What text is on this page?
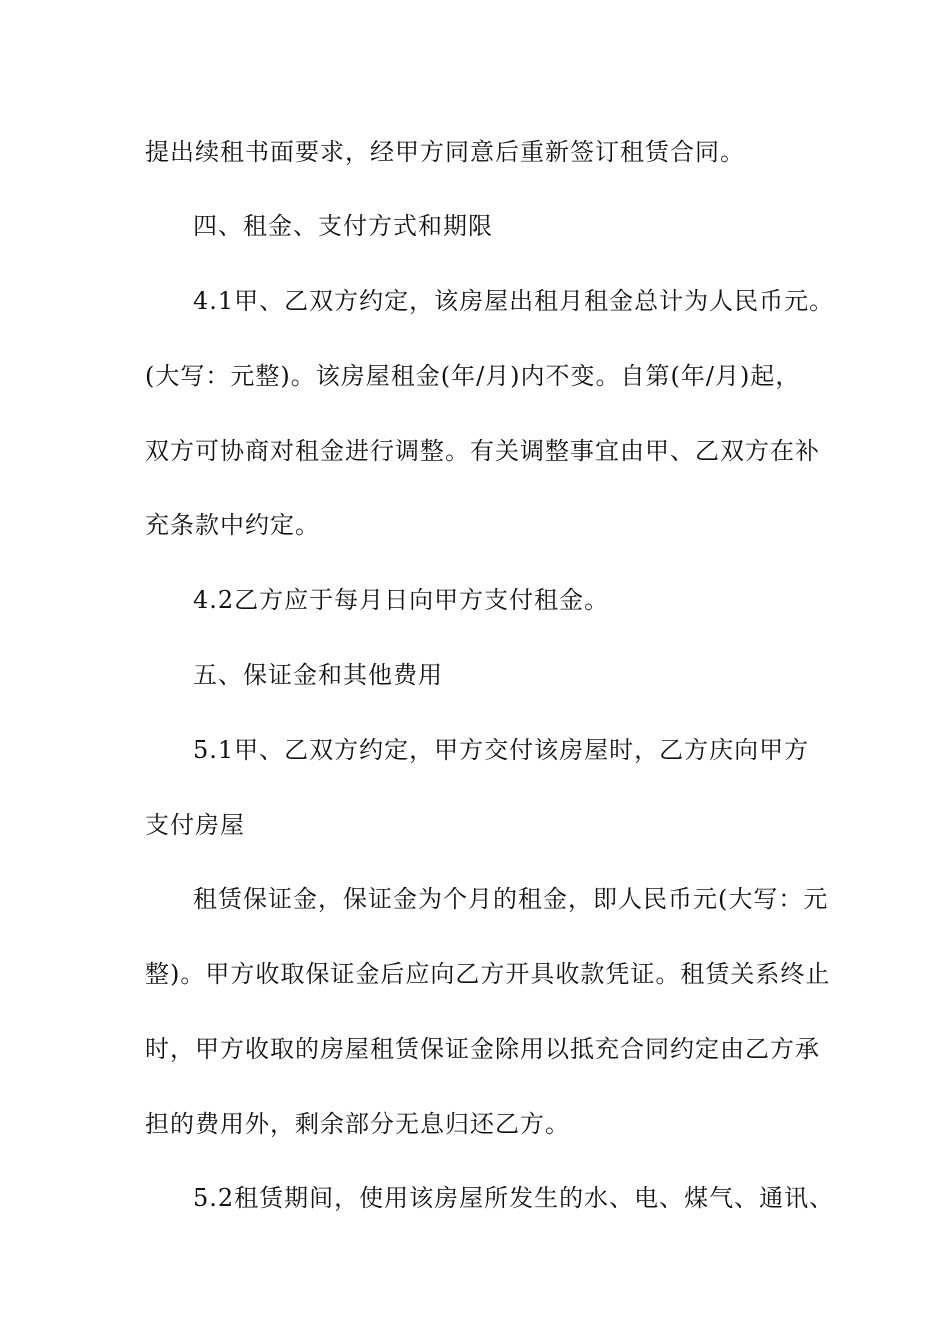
提出续租书面要求，经甲方同意后重新签订租赁合同。
四、租金、支付方式和期限
4.1甲、乙双方约定，该房屋出租月租金总计为人民币元。
(大写：元整)。该房屋租金(年/月)内不变。自第(年/月)起，
双方可协商对租金进行调整。有关调整事宜由甲、乙双方在补
充条款中约定。
4.2乙方应于每月日向甲方支付租金。
五、保证金和其他费用
5.1甲、乙双方约定，甲方交付该房屋时，乙方庆向甲方
支付房屋
租赁保证金，保证金为个月的租金，即人民币元(大写：元
整)。甲方收取保证金后应向乙方开具收款凭证。租赁关系终止
时，甲方收取的房屋租赁保证金除用以抵充合同约定由乙方承
担的费用外，剩余部分无息归还乙方。
5.2租赁期间，使用该房屋所发生的水、电、煤气、通讯、
